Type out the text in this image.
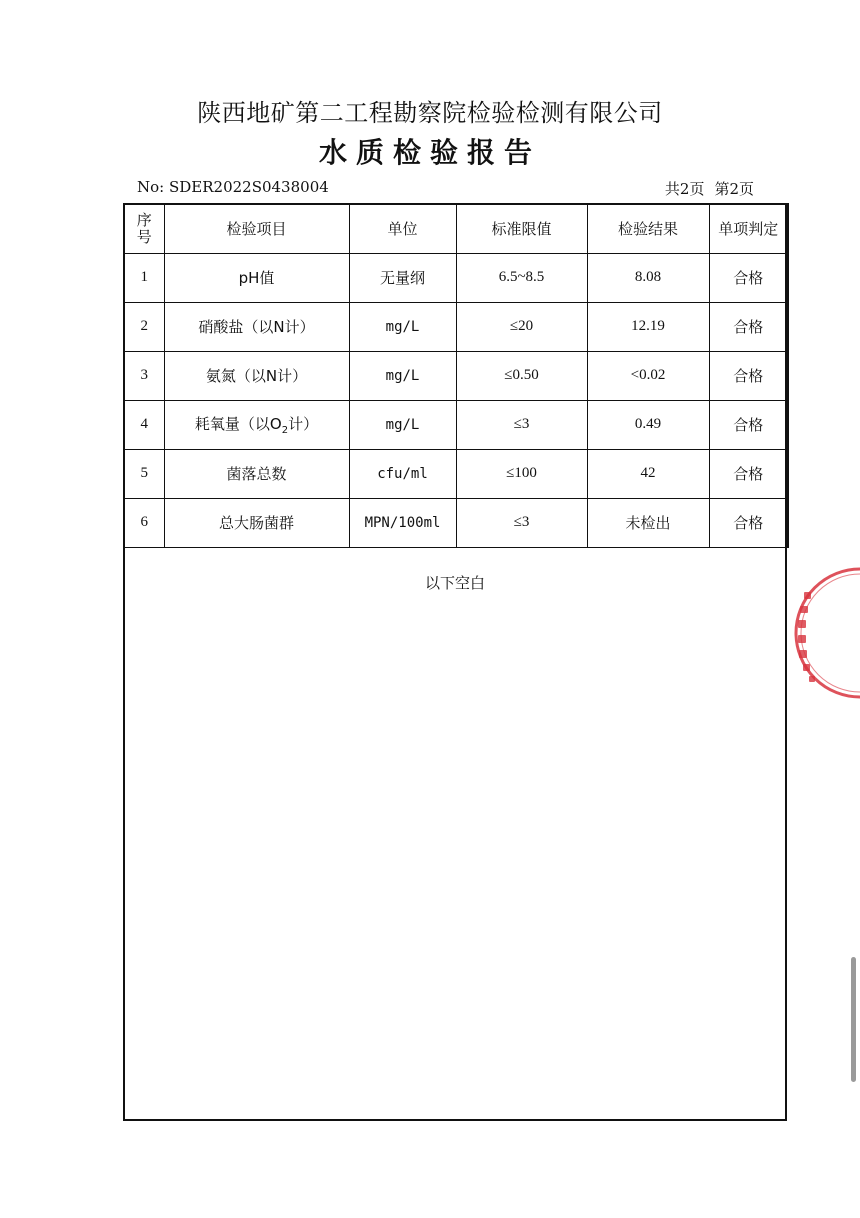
陕西地矿第二工程勘察院检验检测有限公司
水质检验报告
No: SDER2022S0438004	共2页 第2页
序
号	检验项目	单位	标准限值	检验结果	单项判定
1	pH值	无量纲	6.5~8.5	8.08	合格
2	硝酸盐（以N计）	mg/L	≤20	12.19	合格
3	氨氮（以N计）	mg/L	≤0.50	<0.02	合格
4	耗氧量（以$O_2$计）	mg/L	≤3	0.49	合格
5	菌落总数	cfu/ml	≤100	42	合格
6	总大肠菌群	MPN/100ml	≤3	未检出	合格
以下空白
